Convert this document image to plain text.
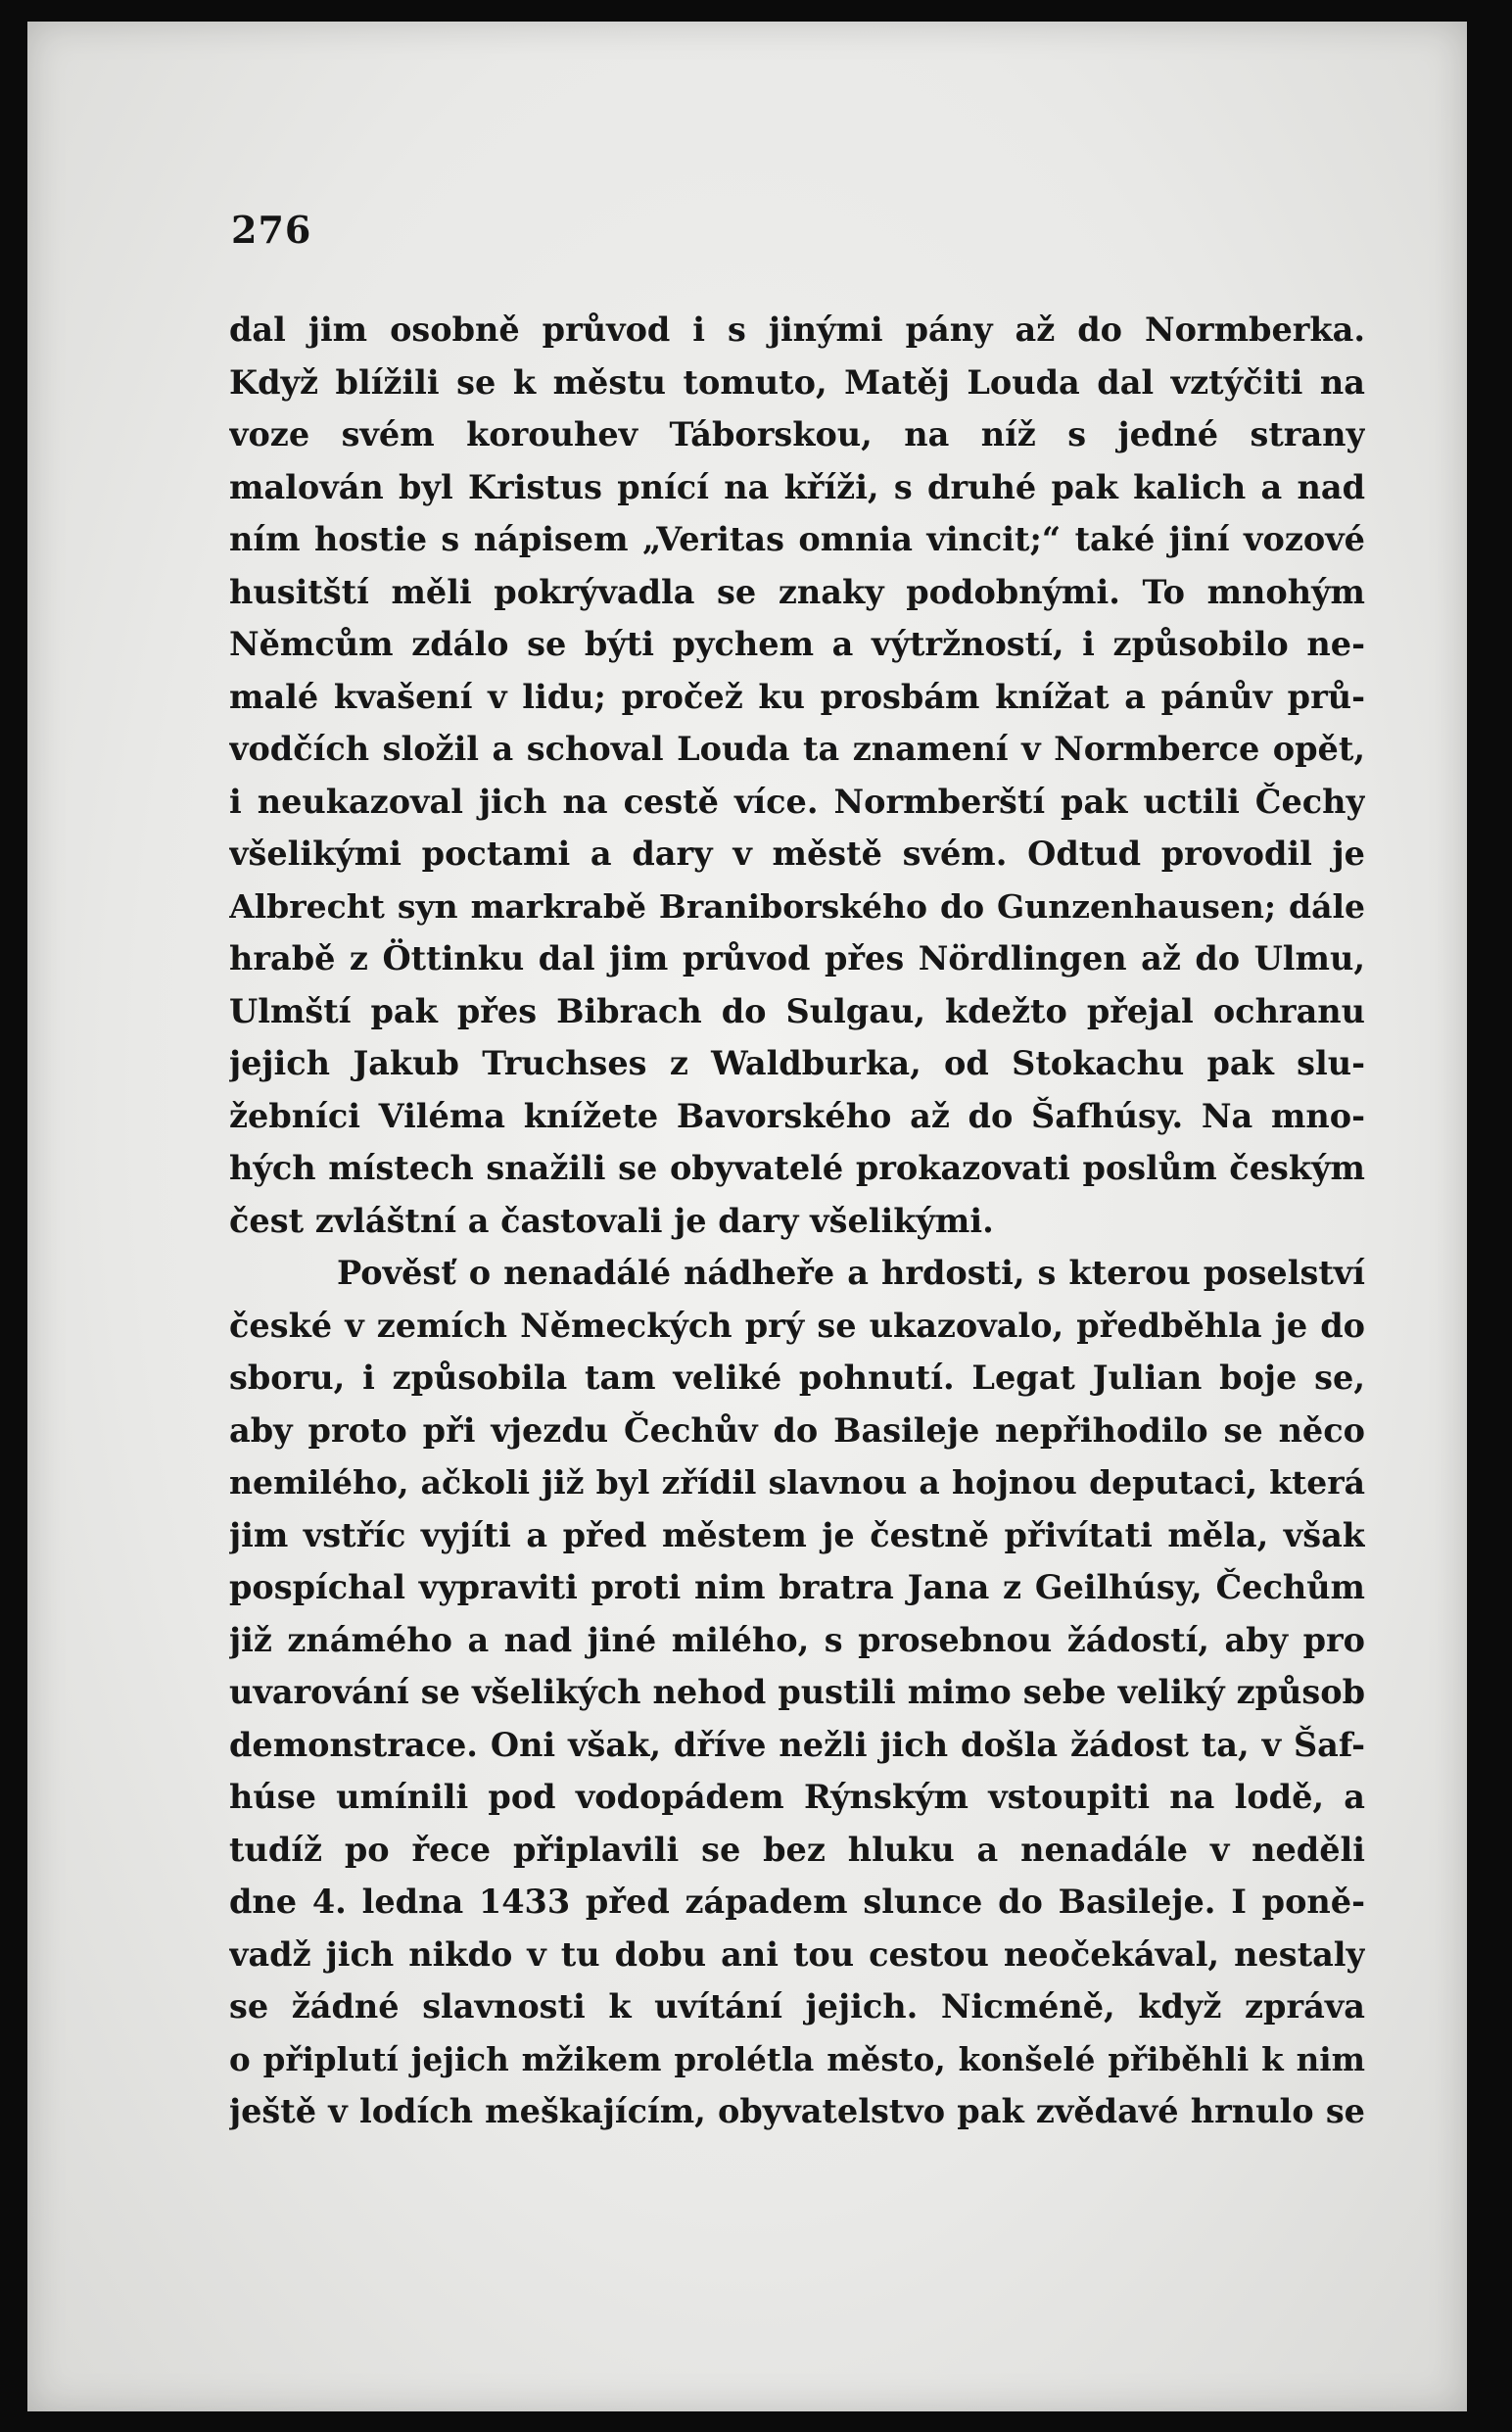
276
dal jim osobně průvod i s jinými pány až do Normberka.
Když blížili se k městu tomuto, Matěj Louda dal vztýčiti na
voze svém korouhev Táborskou, na níž s jedné strany
malován byl Kristus pnící na kříži, s druhé pak kalich a nad
ním hostie s nápisem „Veritas omnia vincit;“ také jiní vozové
husitští měli pokrývadla se znaky podobnými. To mnohým
Němcům zdálo se býti pychem a výtržností, i způsobilo ne-
malé kvašení v lidu; pročež ku prosbám knížat a pánův prů-
vodčích složil a schoval Louda ta znamení v Normberce opět,
i neukazoval jich na cestě více. Normberští pak uctili Čechy
všelikými poctami a dary v městě svém. Odtud provodil je
Albrecht syn markrabě Braniborského do Gunzenhausen; dále
hrabě z Öttinku dal jim průvod přes Nördlingen až do Ulmu,
Ulmští pak přes Bibrach do Sulgau, kdežto přejal ochranu
jejich Jakub Truchses z Waldburka, od Stokachu pak slu-
žebníci Viléma knížete Bavorského až do Šafhúsy. Na mno-
hých místech snažili se obyvatelé prokazovati poslům českým
čest zvláštní a častovali je dary všelikými.
Pověsť o nenadálé nádheře a hrdosti, s kterou poselství
české v zemích Německých prý se ukazovalo, předběhla je do
sboru, i způsobila tam veliké pohnutí. Legat Julian boje se,
aby proto při vjezdu Čechův do Basileje nepřihodilo se něco
nemilého, ačkoli již byl zřídil slavnou a hojnou deputaci, která
jim vstříc vyjíti a před městem je čestně přivítati měla, však
pospíchal vypraviti proti nim bratra Jana z Geilhúsy, Čechům
již známého a nad jiné milého, s prosebnou žádostí, aby pro
uvarování se všelikých nehod pustili mimo sebe veliký způsob
demonstrace. Oni však, dříve nežli jich došla žádost ta, v Šaf-
húse umínili pod vodopádem Rýnským vstoupiti na lodě, a
tudíž po řece připlavili se bez hluku a nenadále v neděli
dne 4. ledna 1433 před západem slunce do Basileje. I poně-
vadž jich nikdo v tu dobu ani tou cestou neočekával, nestaly
se žádné slavnosti k uvítání jejich. Nicméně, když zpráva
o připlutí jejich mžikem prolétla město, konšelé přiběhli k nim
ještě v lodích meškajícím, obyvatelstvo pak zvědavé hrnulo se
